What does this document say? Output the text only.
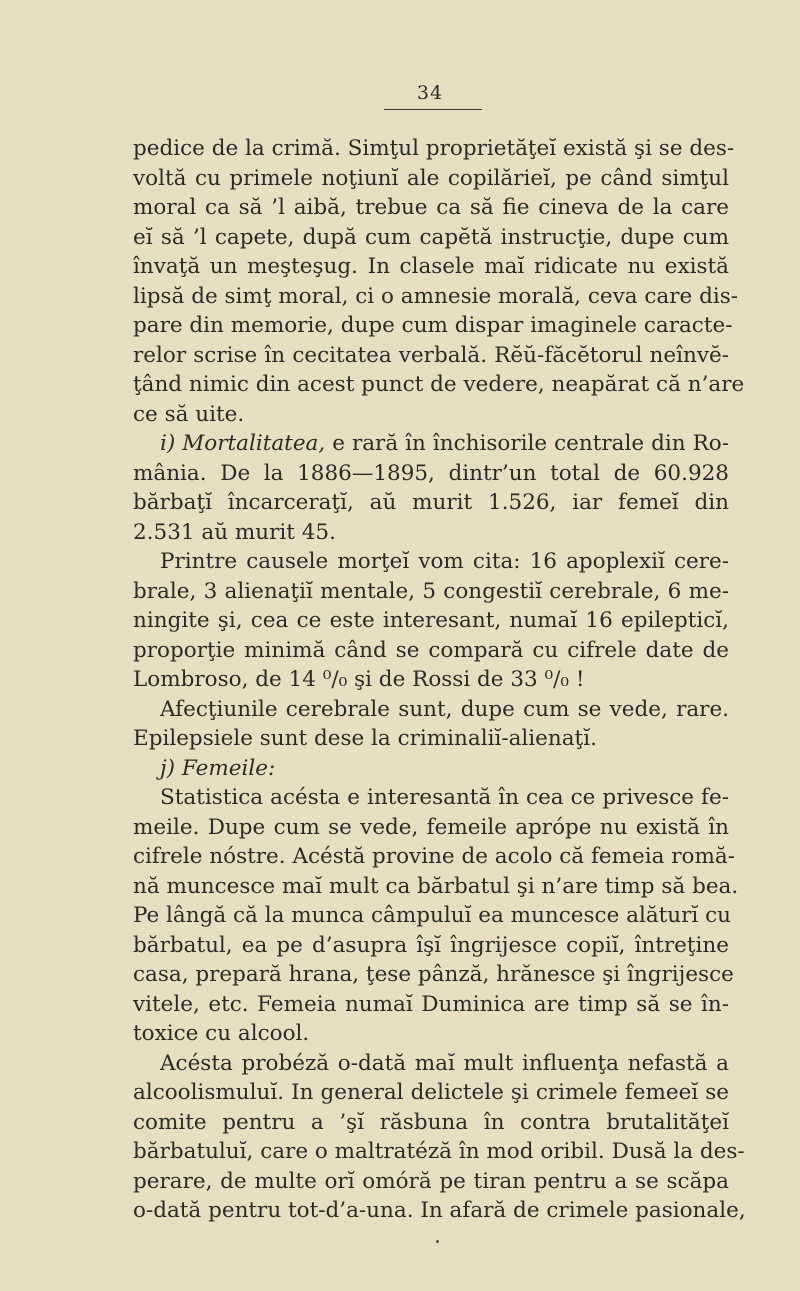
34
pedice de la crimă. Simţul proprietăţeĭ există şi se des-
voltă cu primele noţiunĭ ale copilărieĭ, pe când simţul
moral ca să ’l aibă, trebue ca să fie cineva de la care
eĭ să ’l capete, după cum capĕtă instrucţie, dupe cum
învaţă un meşteşug. In clasele maĭ ridicate nu există
lipsă de simţ moral, ci o amnesie morală, ceva care dis-
pare din memorie, dupe cum dispar imaginele caracte-
relor scrise în cecitatea verbală. Rĕŭ-făcĕtorul neînvĕ-
ţând nimic din acest punct de vedere, neapărat că n’are
ce să uite.
i) Mortalitatea, e rară în închisorile centrale din Ro-
mânia. De la 1886—1895, dintr’un total de 60.928
bărbaţĭ încarceraţĭ, aŭ murit 1.526, iar femeĭ din
2.531 aŭ murit 45.
Printre causele morţeĭ vom cita: 16 apoplexiĭ cere-
brale, 3 alienaţiĭ mentale, 5 congestiĭ cerebrale, 6 me-
ningite şi, cea ce este interesant, numaĭ 16 epilepticĭ,
proporţie minimă când se compară cu cifrele date de
Lombroso, de 14 ⁰/₀ şi de Rossi de 33 ⁰/₀ !
Afecţiunile cerebrale sunt, dupe cum se vede, rare.
Epilepsiele sunt dese la criminaliĭ-alienaţĭ.
j) Femeile:
Statistica acésta e interesantă în cea ce privesce fe-
meile. Dupe cum se vede, femeile aprópe nu există în
cifrele nóstre. Acéstă provine de acolo că femeia romă-
nă muncesce maĭ mult ca bărbatul şi n’are timp să bea.
Pe lângă că la munca câmpuluĭ ea muncesce alăturĭ cu
bărbatul, ea pe d’asupra îşĭ îngrijesce copiĭ, întreţine
casa, prepară hrana, ţese pânză, hrănesce şi îngrijesce
vitele, etc. Femeia numaĭ Duminica are timp să se în-
toxice cu alcool.
Acésta probéză o-dată maĭ mult influenţa nefastă a
alcoolismuluĭ. In general delictele şi crimele femeeĭ se
comite pentru a ’şĭ răsbuna în contra brutalităţeĭ
bărbatuluĭ, care o maltratéză în mod oribil. Dusă la des-
perare, de multe orĭ omóră pe tiran pentru a se scăpa
o-dată pentru tot-d’a-una. In afară de crimele pasionale,
